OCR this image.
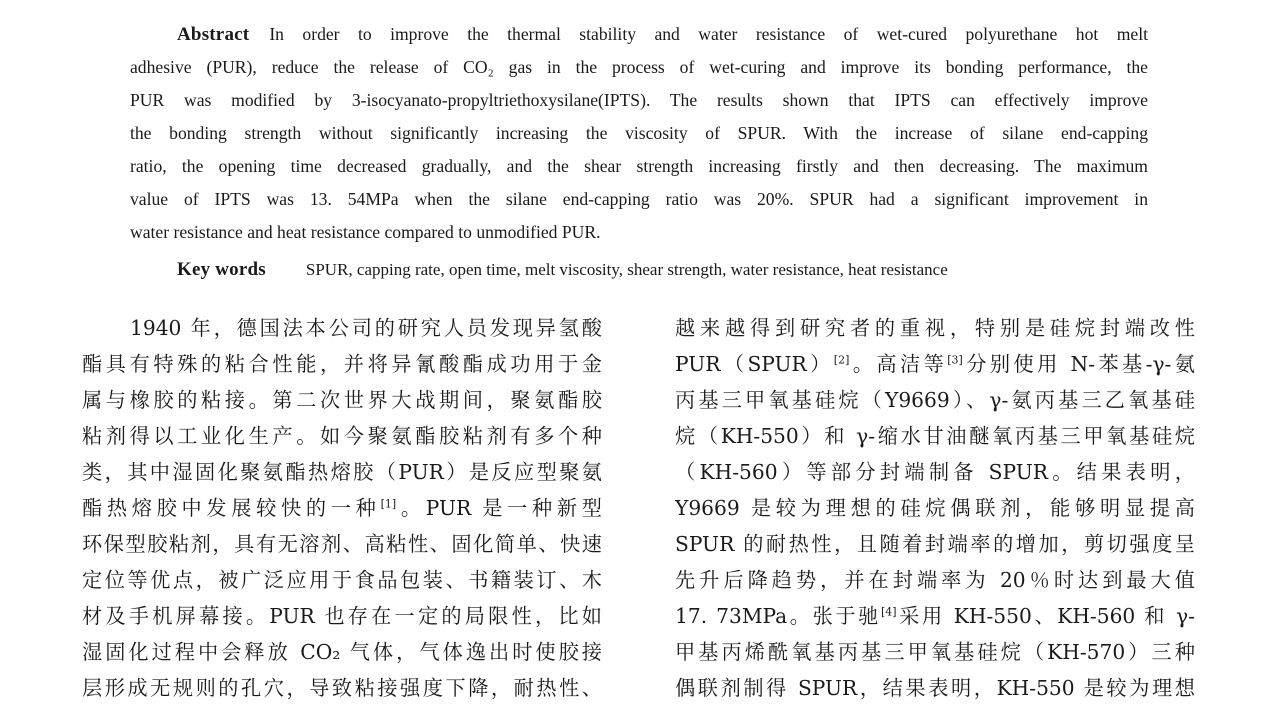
Abstract In order to improve the thermal stability and water resistance of wet-cured polyurethane hot melt
adhesive (PUR), reduce the release of CO₂ gas in the process of wet-curing and improve its bonding performance, the
PUR was modified by 3-isocyanato-propyltriethoxysilane(IPTS). The results shown that IPTS can effectively improve
the bonding strength without significantly increasing the viscosity of SPUR. With the increase of silane end-capping
ratio, the opening time decreased gradually, and the shear strength increasing firstly and then decreasing. The maximum
value of IPTS was 13. 54MPa when the silane end-capping ratio was 20%. SPUR had a significant improvement in
water resistance and heat resistance compared to unmodified PUR.
Key words SPUR, capping rate, open time, melt viscosity, shear strength, water resistance, heat resistance
1940 年，德国法本公司的研究人员发现异氢酸
酯具有特殊的粘合性能，并将异氰酸酯成功用于金
属与橡胶的粘接。第二次世界大战期间，聚氨酯胶
粘剂得以工业化生产。如今聚氨酯胶粘剂有多个种
类，其中湿固化聚氨酯热熔胶（PUR）是反应型聚氨
酯热熔胶中发展较快的一种[1]。PUR 是一种新型
环保型胶粘剂，具有无溶剂、高粘性、固化简单、快速
定位等优点，被广泛应用于食品包装、书籍装订、木
材及手机屏幕接。PUR 也存在一定的局限性，比如
湿固化过程中会释放 CO₂ 气体，气体逸出时使胶接
层形成无规则的孔穴，导致粘接强度下降，耐热性、
越来越得到研究者的重视，特别是硅烷封端改性
PUR（SPUR）[2]。高洁等[3]分别使用 N-苯基-γ-氨
丙基三甲氧基硅烷（Y9669）、γ-氨丙基三乙氧基硅
烷（KH-550）和 γ-缩水甘油醚氧丙基三甲氧基硅烷
（KH-560）等部分封端制备 SPUR。结果表明，
Y9669 是较为理想的硅烷偶联剂，能够明显提高
SPUR 的耐热性，且随着封端率的增加，剪切强度呈
先升后降趋势，并在封端率为 20％时达到最大值
17. 73MPa。张于驰[4]采用 KH-550、KH-560 和 γ-
甲基丙烯酰氧基丙基三甲氧基硅烷（KH-570）三种
偶联剂制得 SPUR，结果表明，KH-550 是较为理想
